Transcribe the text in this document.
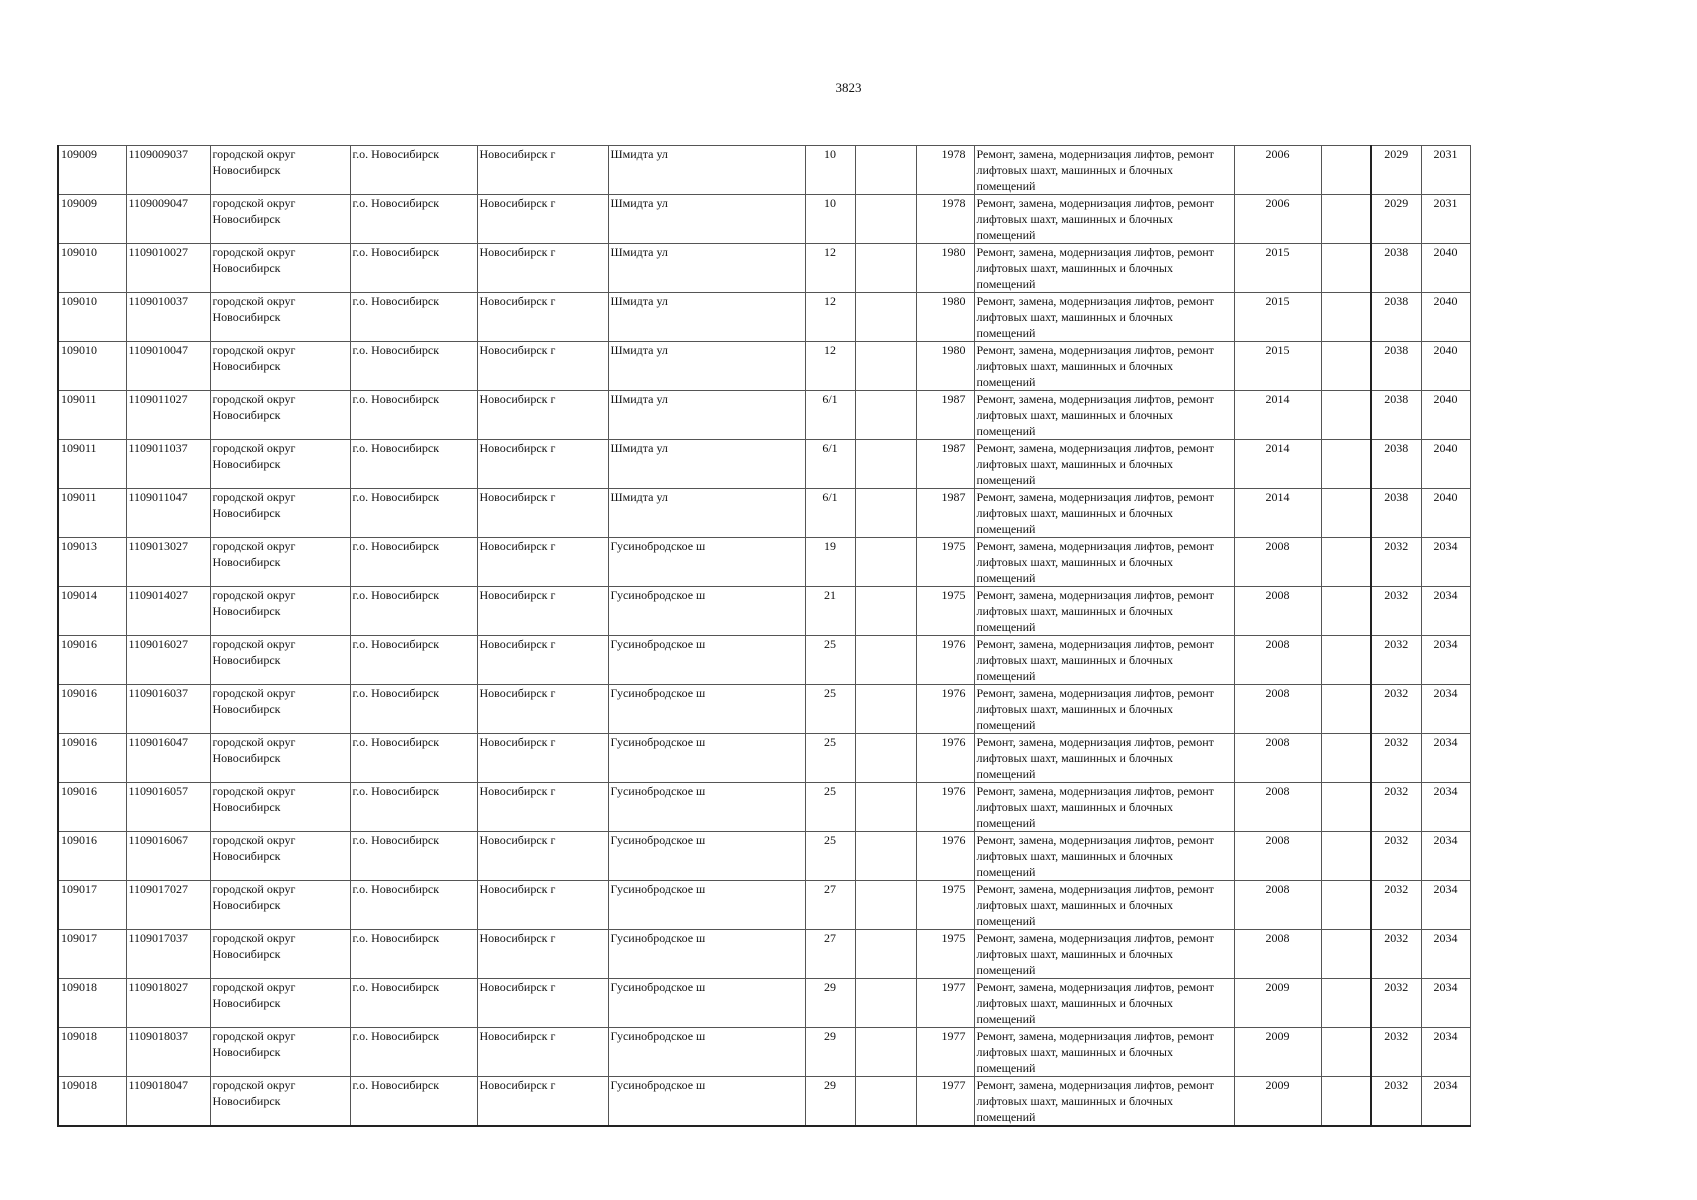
3823
109009	1109009037	городской округ Новосибирск	г.о. Новосибирск	Новосибирск г	Шмидта ул	10		1978	Ремонт, замена, модернизация лифтов, ремонт лифтовых шахт, машинных и блочных помещений	2006		2029	2031
109009	1109009047	городской округ Новосибирск	г.о. Новосибирск	Новосибирск г	Шмидта ул	10		1978	Ремонт, замена, модернизация лифтов, ремонт лифтовых шахт, машинных и блочных помещений	2006		2029	2031
109010	1109010027	городской округ Новосибирск	г.о. Новосибирск	Новосибирск г	Шмидта ул	12		1980	Ремонт, замена, модернизация лифтов, ремонт лифтовых шахт, машинных и блочных помещений	2015		2038	2040
109010	1109010037	городской округ Новосибирск	г.о. Новосибирск	Новосибирск г	Шмидта ул	12		1980	Ремонт, замена, модернизация лифтов, ремонт лифтовых шахт, машинных и блочных помещений	2015		2038	2040
109010	1109010047	городской округ Новосибирск	г.о. Новосибирск	Новосибирск г	Шмидта ул	12		1980	Ремонт, замена, модернизация лифтов, ремонт лифтовых шахт, машинных и блочных помещений	2015		2038	2040
109011	1109011027	городской округ Новосибирск	г.о. Новосибирск	Новосибирск г	Шмидта ул	6/1		1987	Ремонт, замена, модернизация лифтов, ремонт лифтовых шахт, машинных и блочных помещений	2014		2038	2040
109011	1109011037	городской округ Новосибирск	г.о. Новосибирск	Новосибирск г	Шмидта ул	6/1		1987	Ремонт, замена, модернизация лифтов, ремонт лифтовых шахт, машинных и блочных помещений	2014		2038	2040
109011	1109011047	городской округ Новосибирск	г.о. Новосибирск	Новосибирск г	Шмидта ул	6/1		1987	Ремонт, замена, модернизация лифтов, ремонт лифтовых шахт, машинных и блочных помещений	2014		2038	2040
109013	1109013027	городской округ Новосибирск	г.о. Новосибирск	Новосибирск г	Гусинобродское ш	19		1975	Ремонт, замена, модернизация лифтов, ремонт лифтовых шахт, машинных и блочных помещений	2008		2032	2034
109014	1109014027	городской округ Новосибирск	г.о. Новосибирск	Новосибирск г	Гусинобродское ш	21		1975	Ремонт, замена, модернизация лифтов, ремонт лифтовых шахт, машинных и блочных помещений	2008		2032	2034
109016	1109016027	городской округ Новосибирск	г.о. Новосибирск	Новосибирск г	Гусинобродское ш	25		1976	Ремонт, замена, модернизация лифтов, ремонт лифтовых шахт, машинных и блочных помещений	2008		2032	2034
109016	1109016037	городской округ Новосибирск	г.о. Новосибирск	Новосибирск г	Гусинобродское ш	25		1976	Ремонт, замена, модернизация лифтов, ремонт лифтовых шахт, машинных и блочных помещений	2008		2032	2034
109016	1109016047	городской округ Новосибирск	г.о. Новосибирск	Новосибирск г	Гусинобродское ш	25		1976	Ремонт, замена, модернизация лифтов, ремонт лифтовых шахт, машинных и блочных помещений	2008		2032	2034
109016	1109016057	городской округ Новосибирск	г.о. Новосибирск	Новосибирск г	Гусинобродское ш	25		1976	Ремонт, замена, модернизация лифтов, ремонт лифтовых шахт, машинных и блочных помещений	2008		2032	2034
109016	1109016067	городской округ Новосибирск	г.о. Новосибирск	Новосибирск г	Гусинобродское ш	25		1976	Ремонт, замена, модернизация лифтов, ремонт лифтовых шахт, машинных и блочных помещений	2008		2032	2034
109017	1109017027	городской округ Новосибирск	г.о. Новосибирск	Новосибирск г	Гусинобродское ш	27		1975	Ремонт, замена, модернизация лифтов, ремонт лифтовых шахт, машинных и блочных помещений	2008		2032	2034
109017	1109017037	городской округ Новосибирск	г.о. Новосибирск	Новосибирск г	Гусинобродское ш	27		1975	Ремонт, замена, модернизация лифтов, ремонт лифтовых шахт, машинных и блочных помещений	2008		2032	2034
109018	1109018027	городской округ Новосибирск	г.о. Новосибирск	Новосибирск г	Гусинобродское ш	29		1977	Ремонт, замена, модернизация лифтов, ремонт лифтовых шахт, машинных и блочных помещений	2009		2032	2034
109018	1109018037	городской округ Новосибирск	г.о. Новосибирск	Новосибирск г	Гусинобродское ш	29		1977	Ремонт, замена, модернизация лифтов, ремонт лифтовых шахт, машинных и блочных помещений	2009		2032	2034
109018	1109018047	городской округ Новосибирск	г.о. Новосибирск	Новосибирск г	Гусинобродское ш	29		1977	Ремонт, замена, модернизация лифтов, ремонт лифтовых шахт, машинных и блочных помещений	2009		2032	2034
